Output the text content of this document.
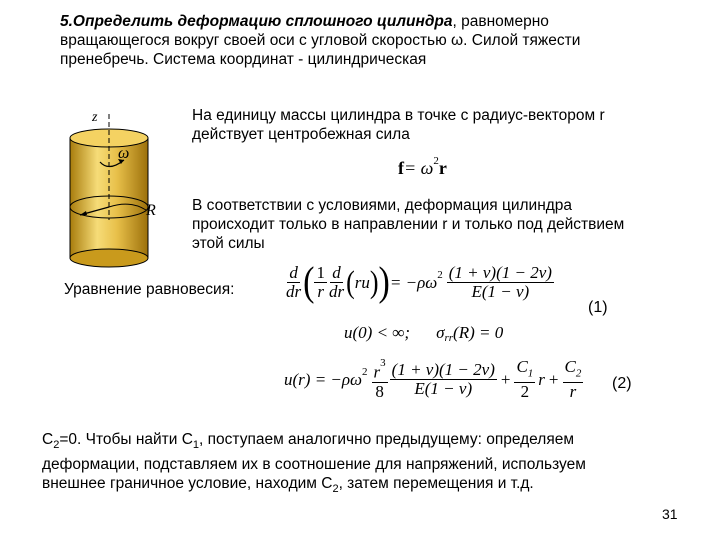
5.Определить деформацию сплошного цилиндра, равномерно
вращающегося вокруг своей оси с угловой скоростью ω. Силой тяжести
пренебречь. Система координат - цилиндрическая
z
ω
R
На единицу массы цилиндра в точке с радиус-вектором r
действует центробежная сила
$f = \omega^2$ r
В соответствии с условиями, деформация цилиндра
происходит только в направлении r и только под действием
этой силы
Уравнение равновесия:	$\frac{d}{dr}$ ( $\frac{1}{r} \frac{d}{dr}$ ( ru ) ) = $-\rho\omega^2 \frac{(1 + \nu)(1 - 2\nu)}{E(1 - \nu)}$
(1)
u(0) < ∞; $\sigma_{rr}$ (R) = 0
$u(r) = -\rho\omega^2 \frac{r^3}{8} \frac{(1 + \nu)(1 - 2\nu)}{E(1 - \nu)} + \frac{C_1}{2}$ $r + \frac{C_2}{r} (2)$
$C_2=0$. Чтобы найти $C_1$, поступаем аналогично предыдущему: определяем
деформации, подставляем их в соотношение для напряжений, используем
внешнее граничное условие, находим $C_2$, затем перемещения и т.д.
31
